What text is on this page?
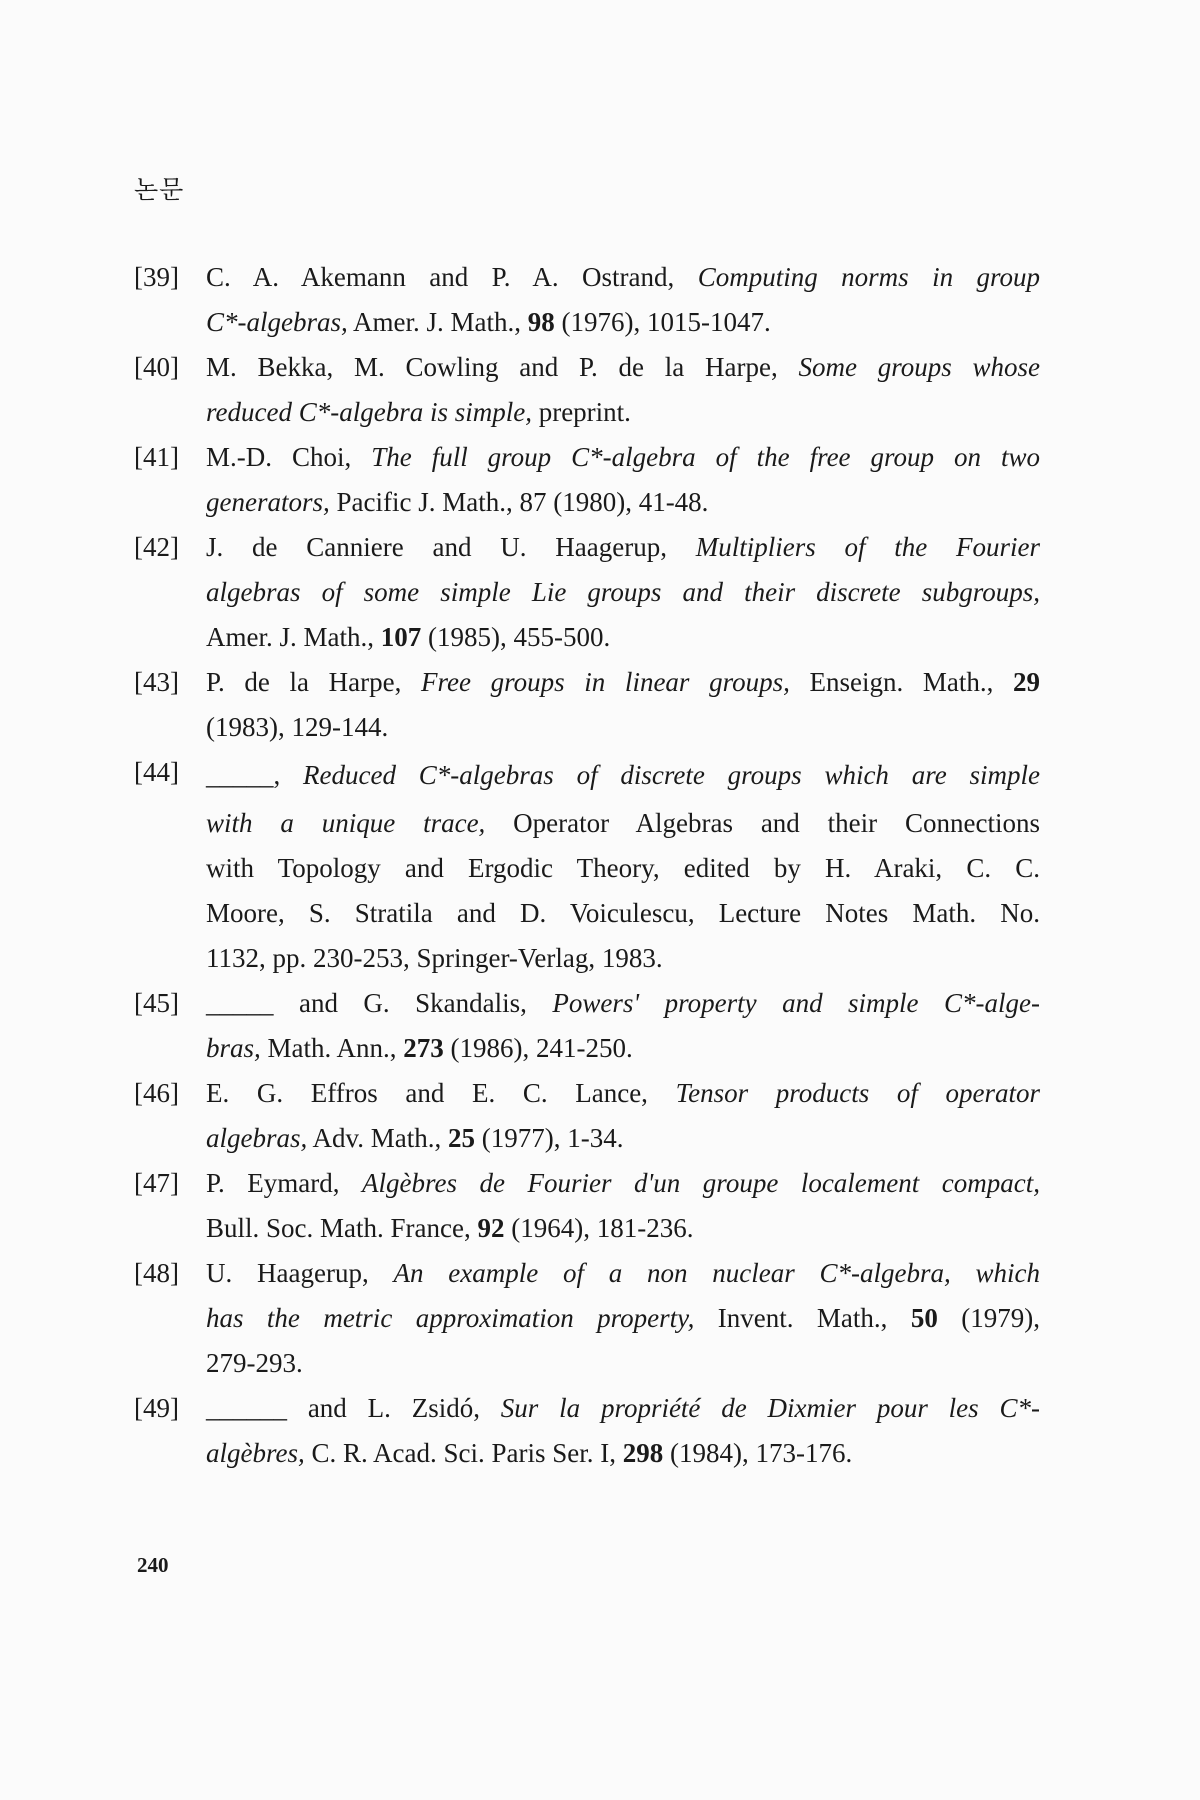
논문
[39] C. A. Akemann and P. A. Ostrand, Computing norms in group
C*-algebras, Amer. J. Math., 98 (1976), 1015-1047.
[40] M. Bekka, M. Cowling and P. de la Harpe, Some groups whose
reduced C*-algebra is simple, preprint.
[41] M.-D. Choi, The full group C*-algebra of the free group on two
generators, Pacific J. Math., 87 (1980), 41-48.
[42] J. de Canniere and U. Haagerup, Multipliers of the Fourier
algebras of some simple Lie groups and their discrete subgroups,
Amer. J. Math., 107 (1985), 455-500.
[43] P. de la Harpe, Free groups in linear groups, Enseign. Math., 29
(1983), 129-144.
[44] _____, Reduced C*-algebras of discrete groups which are simple
with a unique trace, Operator Algebras and their Connections
with Topology and Ergodic Theory, edited by H. Araki, C. C.
Moore, S. Stratila and D. Voiculescu, Lecture Notes Math. No.
1132, pp. 230-253, Springer-Verlag, 1983.
[45] _____ and G. Skandalis, Powers' property and simple C*-alge-
bras, Math. Ann., 273 (1986), 241-250.
[46] E. G. Effros and E. C. Lance, Tensor products of operator
algebras, Adv. Math., 25 (1977), 1-34.
[47] P. Eymard, Algèbres de Fourier d'un groupe localement compact,
Bull. Soc. Math. France, 92 (1964), 181-236.
[48] U. Haagerup, An example of a non nuclear C*-algebra, which
has the metric approximation property, Invent. Math., 50 (1979),
279-293.
[49] ______ and L. Zsidó, Sur la propriété de Dixmier pour les C*-
algèbres, C. R. Acad. Sci. Paris Ser. I, 298 (1984), 173-176.
240
